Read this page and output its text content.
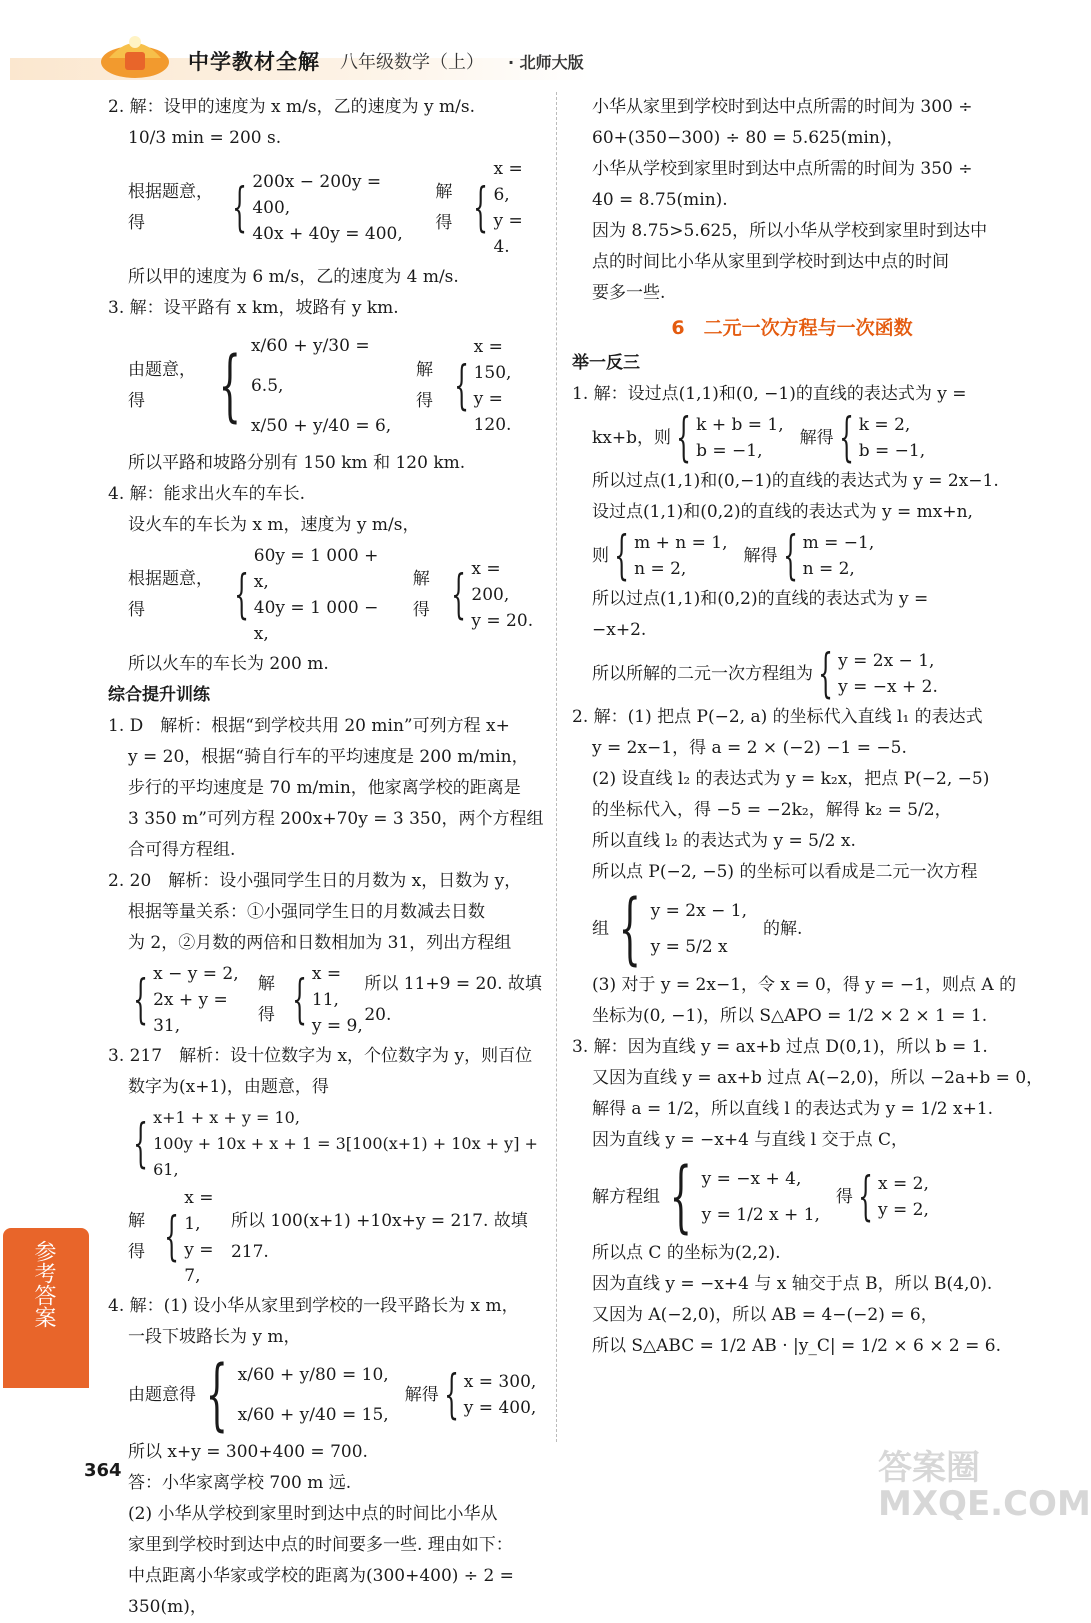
中学教材全解 八年级数学（上） · 北师大版
2. 解：设甲的速度为 x m/s，乙的速度为 y m/s.
10/3 min = 200 s.
根据题意，得	{ 200x − 200y = 400,
40x + 40y = 400,
解得 {
x = 6,
y = 4.
所以甲的速度为 6 m/s，乙的速度为 4 m/s.
3. 解：设平路有 x km，坡路有 y km.
由题意，得 { x/60 + y/30 = 6.5,
x/50 + y/40 = 6,
解得 {
x = 150,
y = 120.
所以平路和坡路分别有 150 km 和 120 km.
4. 解：能求出火车的车长.
设火车的车长为 x m，速度为 y m/s，
根据题意，得	{
60y = 1 000 + x,
40y = 1 000 − x,
解得 { x = 200,
y = 20.
所以火车的车长为 200 m.
综合提升训练
1. D　解析：根据“到学校共用 20 min”可列方程 x+
y = 20，根据“骑自行车的平均速度是 200 m/min，
步行的平均速度是 70 m/min，他家离学校的距离是
3 350 m”可列方程 200x+70y = 3 350，两个方程组
合可得方程组.
2. 20　解析：设小强同学生日的月数为 x，日数为 y，
根据等量关系：①小强同学生日的月数减去日数
为 2，②月数的两倍和日数相加为 31，列出方程组
{ x − y = 2,
2x + y = 31,
解得 { x = 11,
y = 9,
所以 11+9 = 20. 故填 20.
3. 217　解析：设十位数字为 x，个位数字为 y，则百位
数字为(x+1)，由题意，得
{ x+1 + x + y = 10,
100y + 10x + x + 1 = 3[100(x+1) + 10x + y] + 61,
解得 {
x = 1,
y = 7,
所以 100(x+1) +10x+y = 217. 故填 217.
4. 解：(1) 设小华从家里到学校的一段平路长为 x m，
一段下坡路长为 y m，
由题意得 { x/60 + y/80 = 10,
x/60 + y/40 = 15,
解得 { x = 300,
y = 400,
所以 x+y = 300+400 = 700.
答：小华家离学校 700 m 远.
(2) 小华从学校到家里时到达中点的时间比小华从
家里到学校时到达中点的时间要多一些. 理由如下：
中点距离小华家或学校的距离为(300+400) ÷ 2 =
350(m)，
小华从家里到学校时到达中点所需的时间为 300 ÷
60+(350−300) ÷ 80 = 5.625(min)，
小华从学校到家里时到达中点所需的时间为 350 ÷
40 = 8.75(min).
因为 8.75>5.625，所以小华从学校到家里时到达中
点的时间比小华从家里到学校时到达中点的时间
要多一些.
6　二元一次方程与一次函数
举一反三
1. 解：设过点(1,1)和(0, −1)的直线的表达式为 y =
kx+b，则 { k + b = 1,
b = −1,
解得 { k = 2,
b = −1,
所以过点(1,1)和(0,−1)的直线的表达式为 y = 2x−1.
设过点(1,1)和(0,2)的直线的表达式为 y = mx+n,
则 { m + n = 1,
n = 2,
解得 { m = −1,
n = 2,
所以过点(1,1)和(0,2)的直线的表达式为 y =
−x+2.
所以所解的二元一次方程组为 { y = 2x − 1,
y = −x + 2.
2. 解：(1) 把点 P(−2, a) 的坐标代入直线 l₁ 的表达式
y = 2x−1，得 a = 2 × (−2) −1 = −5.
(2) 设直线 l₂ 的表达式为 y = k₂x，把点 P(−2, −5)
的坐标代入，得 −5 = −2k₂，解得 k₂ = 5/2，
所以直线 l₂ 的表达式为 y = 5/2 x.
所以点 P(−2, −5) 的坐标可以看成是二元一次方程
组 { y = 2x − 1,
y = 5/2 x
的解.
(3) 对于 y = 2x−1，令 x = 0，得 y = −1，则点 A 的
坐标为(0, −1)，所以 S△APO = 1/2 × 2 × 1 = 1.
3. 解：因为直线 y = ax+b 过点 D(0,1)，所以 b = 1.
又因为直线 y = ax+b 过点 A(−2,0)，所以 −2a+b = 0，
解得 a = 1/2，所以直线 l 的表达式为 y = 1/2 x+1.
因为直线 y = −x+4 与直线 l 交于点 C，
解方程组 { y = −x + 4,
y = 1/2 x + 1,
得 { x = 2,
y = 2,
所以点 C 的坐标为(2,2).
因为直线 y = −x+4 与 x 轴交于点 B，所以 B(4,0).
又因为 A(−2,0)，所以 AB = 4−(−2) = 6，
所以 S△ABC = 1/2 AB · |y_C| = 1/2 × 6 × 2 = 6.
参考答案
364	答案圈 MXQE.COM
